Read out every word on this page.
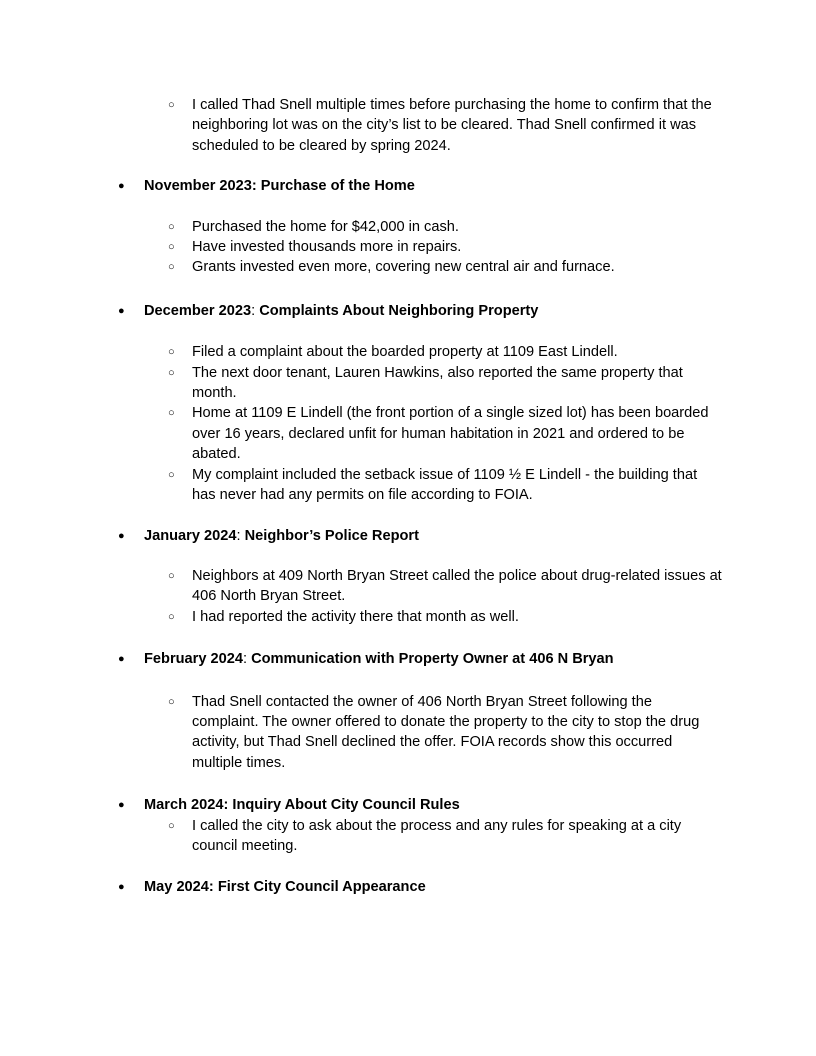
○ I called Thad Snell multiple times before purchasing the home to confirm that the neighboring lot was on the city’s list to be cleared. Thad Snell confirmed it was scheduled to be cleared by spring 2024.
● November 2023: Purchase of the Home
○ Purchased the home for $42,000 in cash.
○ Have invested thousands more in repairs.
○ Grants invested even more, covering new central air and furnace.
● December 2023: Complaints About Neighboring Property
○ Filed a complaint about the boarded property at 1109 East Lindell.
○ The next door tenant, Lauren Hawkins, also reported the same property that month.
○ Home at 1109 E Lindell (the front portion of a single sized lot) has been boarded over 16 years, declared unfit for human habitation in 2021 and ordered to be abated.
○ My complaint included the setback issue of 1109 ½ E Lindell - the building that has never had any permits on file according to FOIA.
● January 2024: Neighbor’s Police Report
○ Neighbors at 409 North Bryan Street called the police about drug-related issues at 406 North Bryan Street.
○ I had reported the activity there that month as well.
● February 2024: Communication with Property Owner at 406 N Bryan
○ Thad Snell contacted the owner of 406 North Bryan Street following the complaint. The owner offered to donate the property to the city to stop the drug activity, but Thad Snell declined the offer. FOIA records show this occurred multiple times.
● March 2024: Inquiry About City Council Rules
○ I called the city to ask about the process and any rules for speaking at a city council meeting.
● May 2024: First City Council Appearance
